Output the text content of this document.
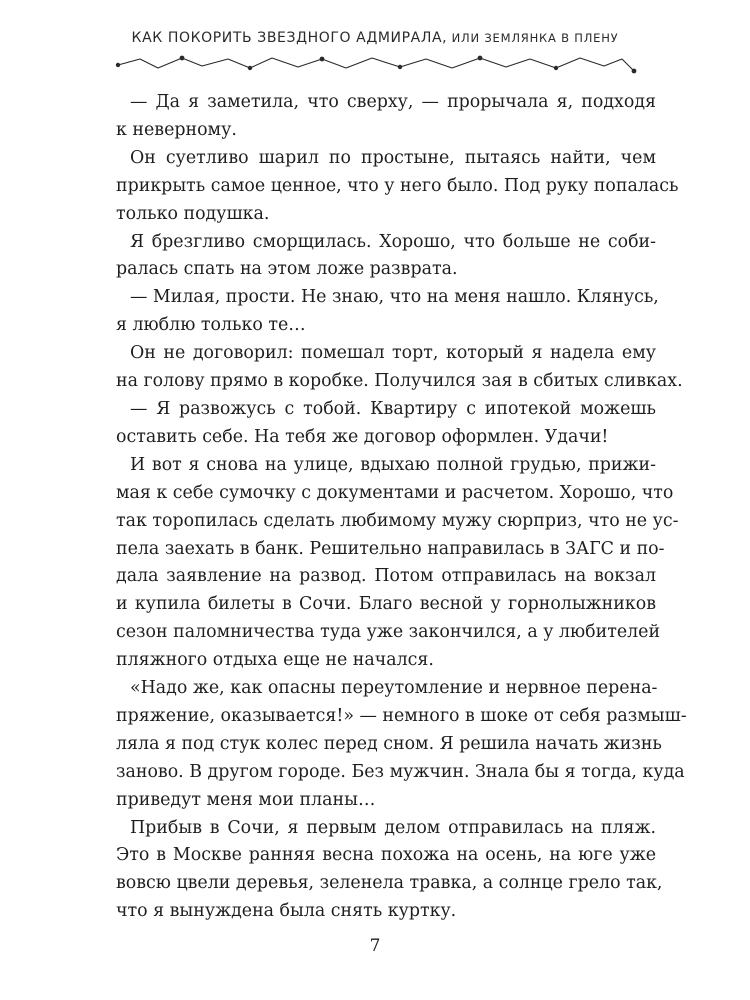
КАК ПОКОРИТЬ ЗВЕЗДНОГО АДМИРАЛА, ИЛИ ЗЕМЛЯНКА В ПЛЕНУ

— Да я заметила, что сверху, — прорычала я, подходя
к неверному.

Он суетливо шарил по простыне, пытаясь найти, чем
прикрыть самое ценное, что у него было. Под руку попалась
только подушка.

Я брезгливо сморщилась. Хорошо, что больше не соби-
ралась спать на этом ложе разврата.

— Милая, прости. Не знаю, что на меня нашло. Клянусь,
я люблю только те…

Он не договорил: помешал торт, который я надела ему
на голову прямо в коробке. Получился зая в сбитых сливках.

— Я развожусь с тобой. Квартиру с ипотекой можешь
оставить себе. На тебя же договор оформлен. Удачи!

И вот я снова на улице, вдыхаю полной грудью, прижи-
мая к себе сумочку с документами и расчетом. Хорошо, что
так торопилась сделать любимому мужу сюрприз, что не ус-
пела заехать в банк. Решительно направилась в ЗАГС и по-
дала заявление на развод. Потом отправилась на вокзал
и купила билеты в Сочи. Благо весной у горнолыжников
сезон паломничества туда уже закончился, а у любителей
пляжного отдыха еще не начался.

«Надо же, как опасны переутомление и нервное перена-
пряжение, оказывается!» — немного в шоке от себя размыш-
ляла я под стук колес перед сном. Я решила начать жизнь
заново. В другом городе. Без мужчин. Знала бы я тогда, куда
приведут меня мои планы…

Прибыв в Сочи, я первым делом отправилась на пляж.
Это в Москве ранняя весна похожа на осень, на юге уже
вовсю цвели деревья, зеленела травка, а солнце грело так,
что я вынуждена была снять куртку.

7
